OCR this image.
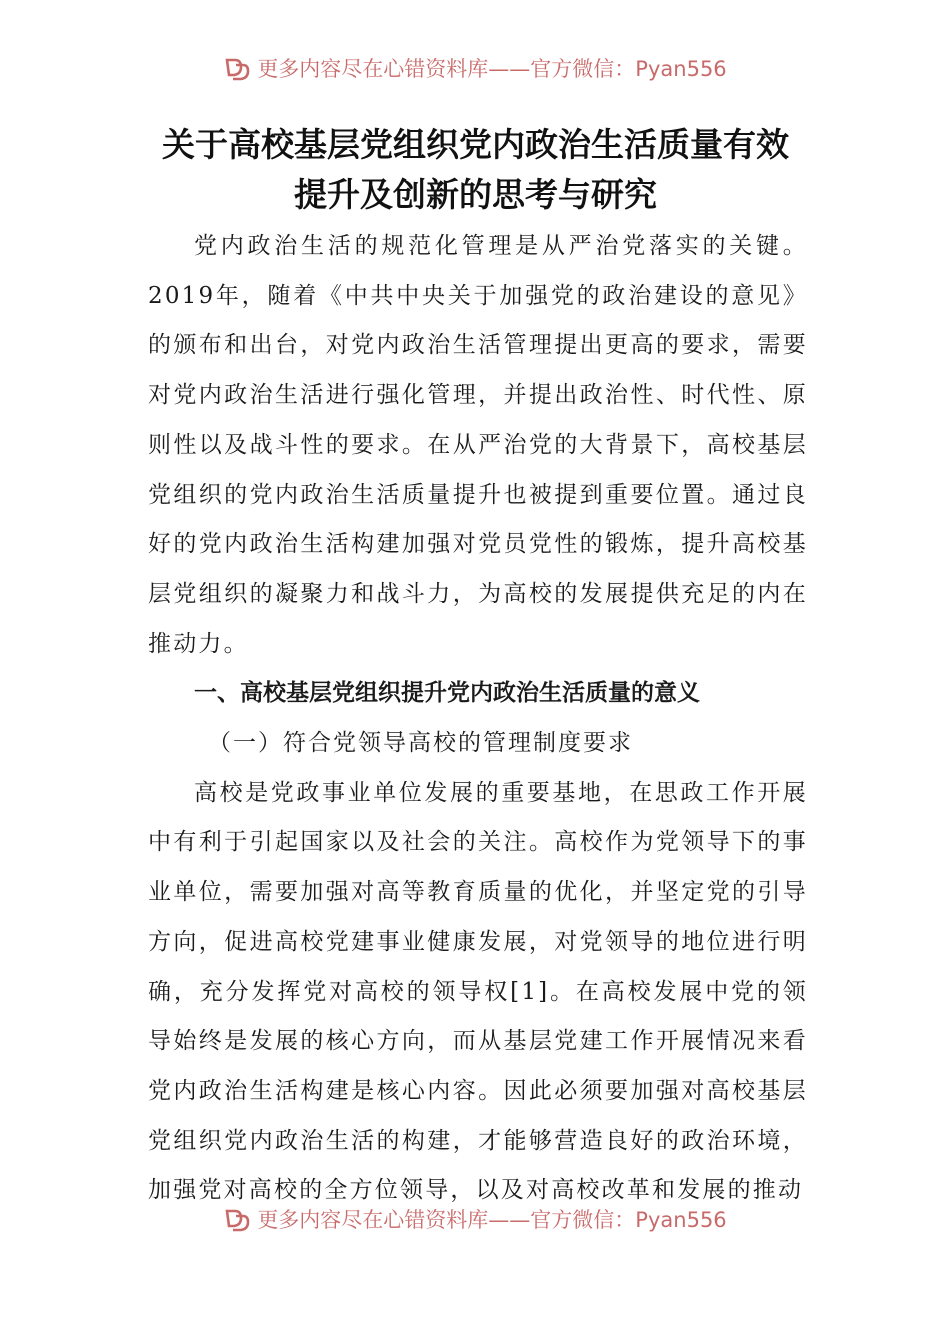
更多内容尽在心错资料库——官方微信：Pyan556
关于高校基层党组织党内政治生活质量有效提升及创新的思考与研究

党内政治生活的规范化管理是从严治党落实的关键。2019年，随着《中共中央关于加强党的政治建设的意见》的颁布和出台，对党内政治生活管理提出更高的要求，需要对党内政治生活进行强化管理，并提出政治性、时代性、原则性以及战斗性的要求。在从严治党的大背景下，高校基层党组织的党内政治生活质量提升也被提到重要位置。通过良好的党内政治生活构建加强对党员党性的锻炼，提升高校基层党组织的凝聚力和战斗力，为高校的发展提供充足的内在推动力。

一、高校基层党组织提升党内政治生活质量的意义

（一）符合党领导高校的管理制度要求

高校是党政事业单位发展的重要基地，在思政工作开展中有利于引起国家以及社会的关注。高校作为党领导下的事业单位，需要加强对高等教育质量的优化，并坚定党的引导方向，促进高校党建事业健康发展，对党领导的地位进行明确，充分发挥党对高校的领导权[1]。在高校发展中党的领导始终是发展的核心方向，而从基层党建工作开展情况来看党内政治生活构建是核心内容。因此必须要加强对高校基层党组织党内政治生活的构建，才能够营造良好的政治环境，加强党对高校的全方位领导，以及对高校改革和发展的推动

更多内容尽在心错资料库——官方微信：Pyan556
